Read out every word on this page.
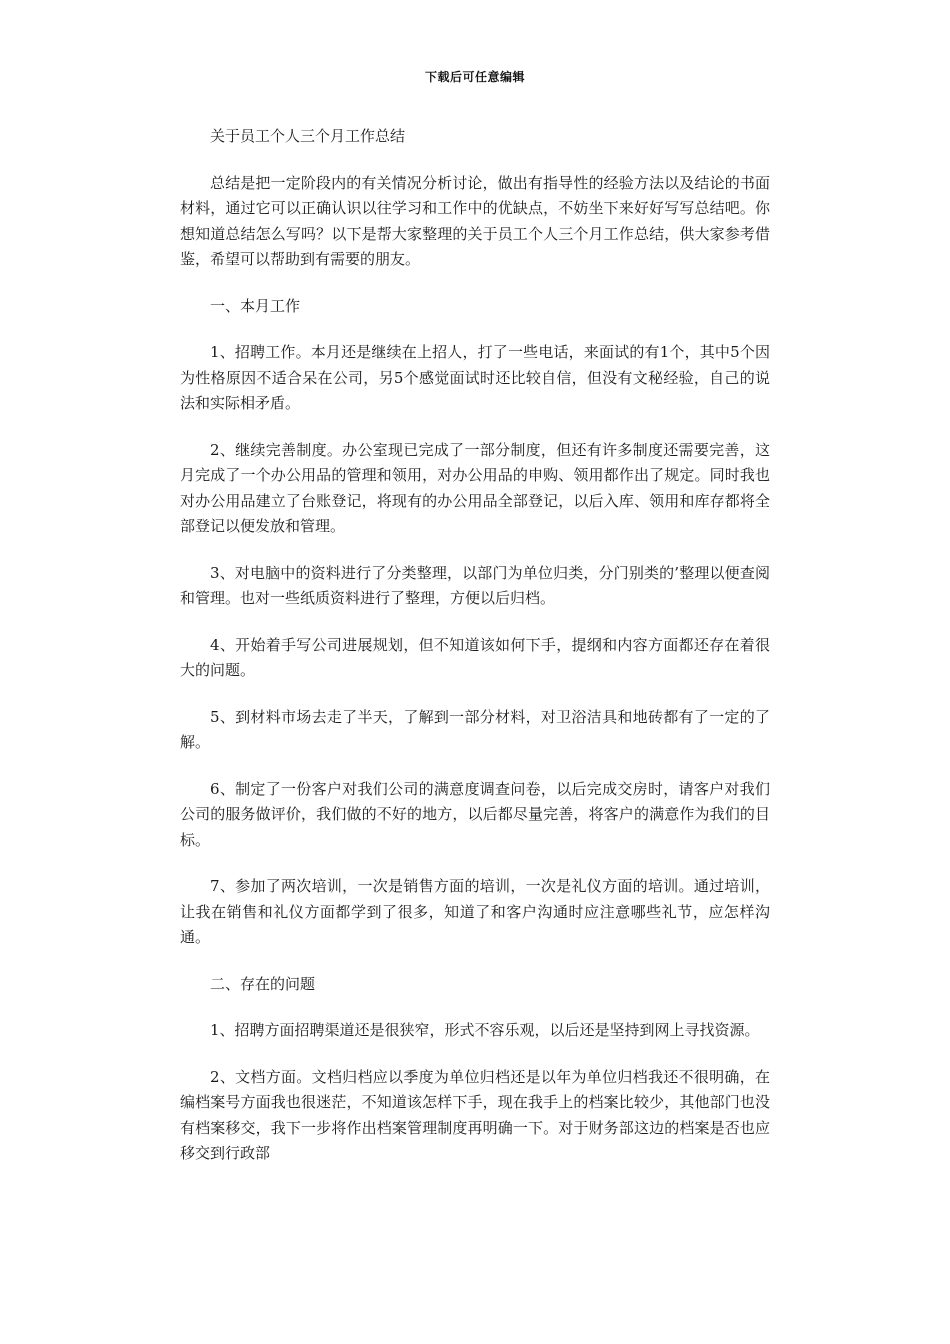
下载后可任意编辑

关于员工个人三个月工作总结

总结是把一定阶段内的有关情况分析讨论，做出有指导性的经验方法以及结论的书面材料，通过它可以正确认识以往学习和工作中的优缺点，不妨坐下来好好写写总结吧。你想知道总结怎么写吗？以下是帮大家整理的关于员工个人三个月工作总结，供大家参考借鉴，希望可以帮助到有需要的朋友。

一、本月工作

1、招聘工作。本月还是继续在上招人，打了一些电话，来面试的有1个，其中5个因为性格原因不适合呆在公司，另5个感觉面试时还比较自信，但没有文秘经验，自己的说法和实际相矛盾。

2、继续完善制度。办公室现已完成了一部分制度，但还有许多制度还需要完善，这月完成了一个办公用品的管理和领用，对办公用品的申购、领用都作出了规定。同时我也对办公用品建立了台账登记，将现有的办公用品全部登记，以后入库、领用和库存都将全部登记以便发放和管理。

3、对电脑中的资料进行了分类整理，以部门为单位归类，分门别类的’整理以便查阅和管理。也对一些纸质资料进行了整理，方便以后归档。

4、开始着手写公司进展规划，但不知道该如何下手，提纲和内容方面都还存在着很大的问题。

5、到材料市场去走了半天，了解到一部分材料，对卫浴洁具和地砖都有了一定的了解。

6、制定了一份客户对我们公司的满意度调查问卷，以后完成交房时，请客户对我们公司的服务做评价，我们做的不好的地方，以后都尽量完善，将客户的满意作为我们的目标。

7、参加了两次培训，一次是销售方面的培训，一次是礼仪方面的培训。通过培训，让我在销售和礼仪方面都学到了很多，知道了和客户沟通时应注意哪些礼节，应怎样沟通。

二、存在的问题

1、招聘方面招聘渠道还是很狭窄，形式不容乐观，以后还是坚持到网上寻找资源。

2、文档方面。文档归档应以季度为单位归档还是以年为单位归档我还不很明确，在编档案号方面我也很迷茫，不知道该怎样下手，现在我手上的档案比较少，其他部门也没有档案移交，我下一步将作出档案管理制度再明确一下。对于财务部这边的档案是否也应移交到行政部
